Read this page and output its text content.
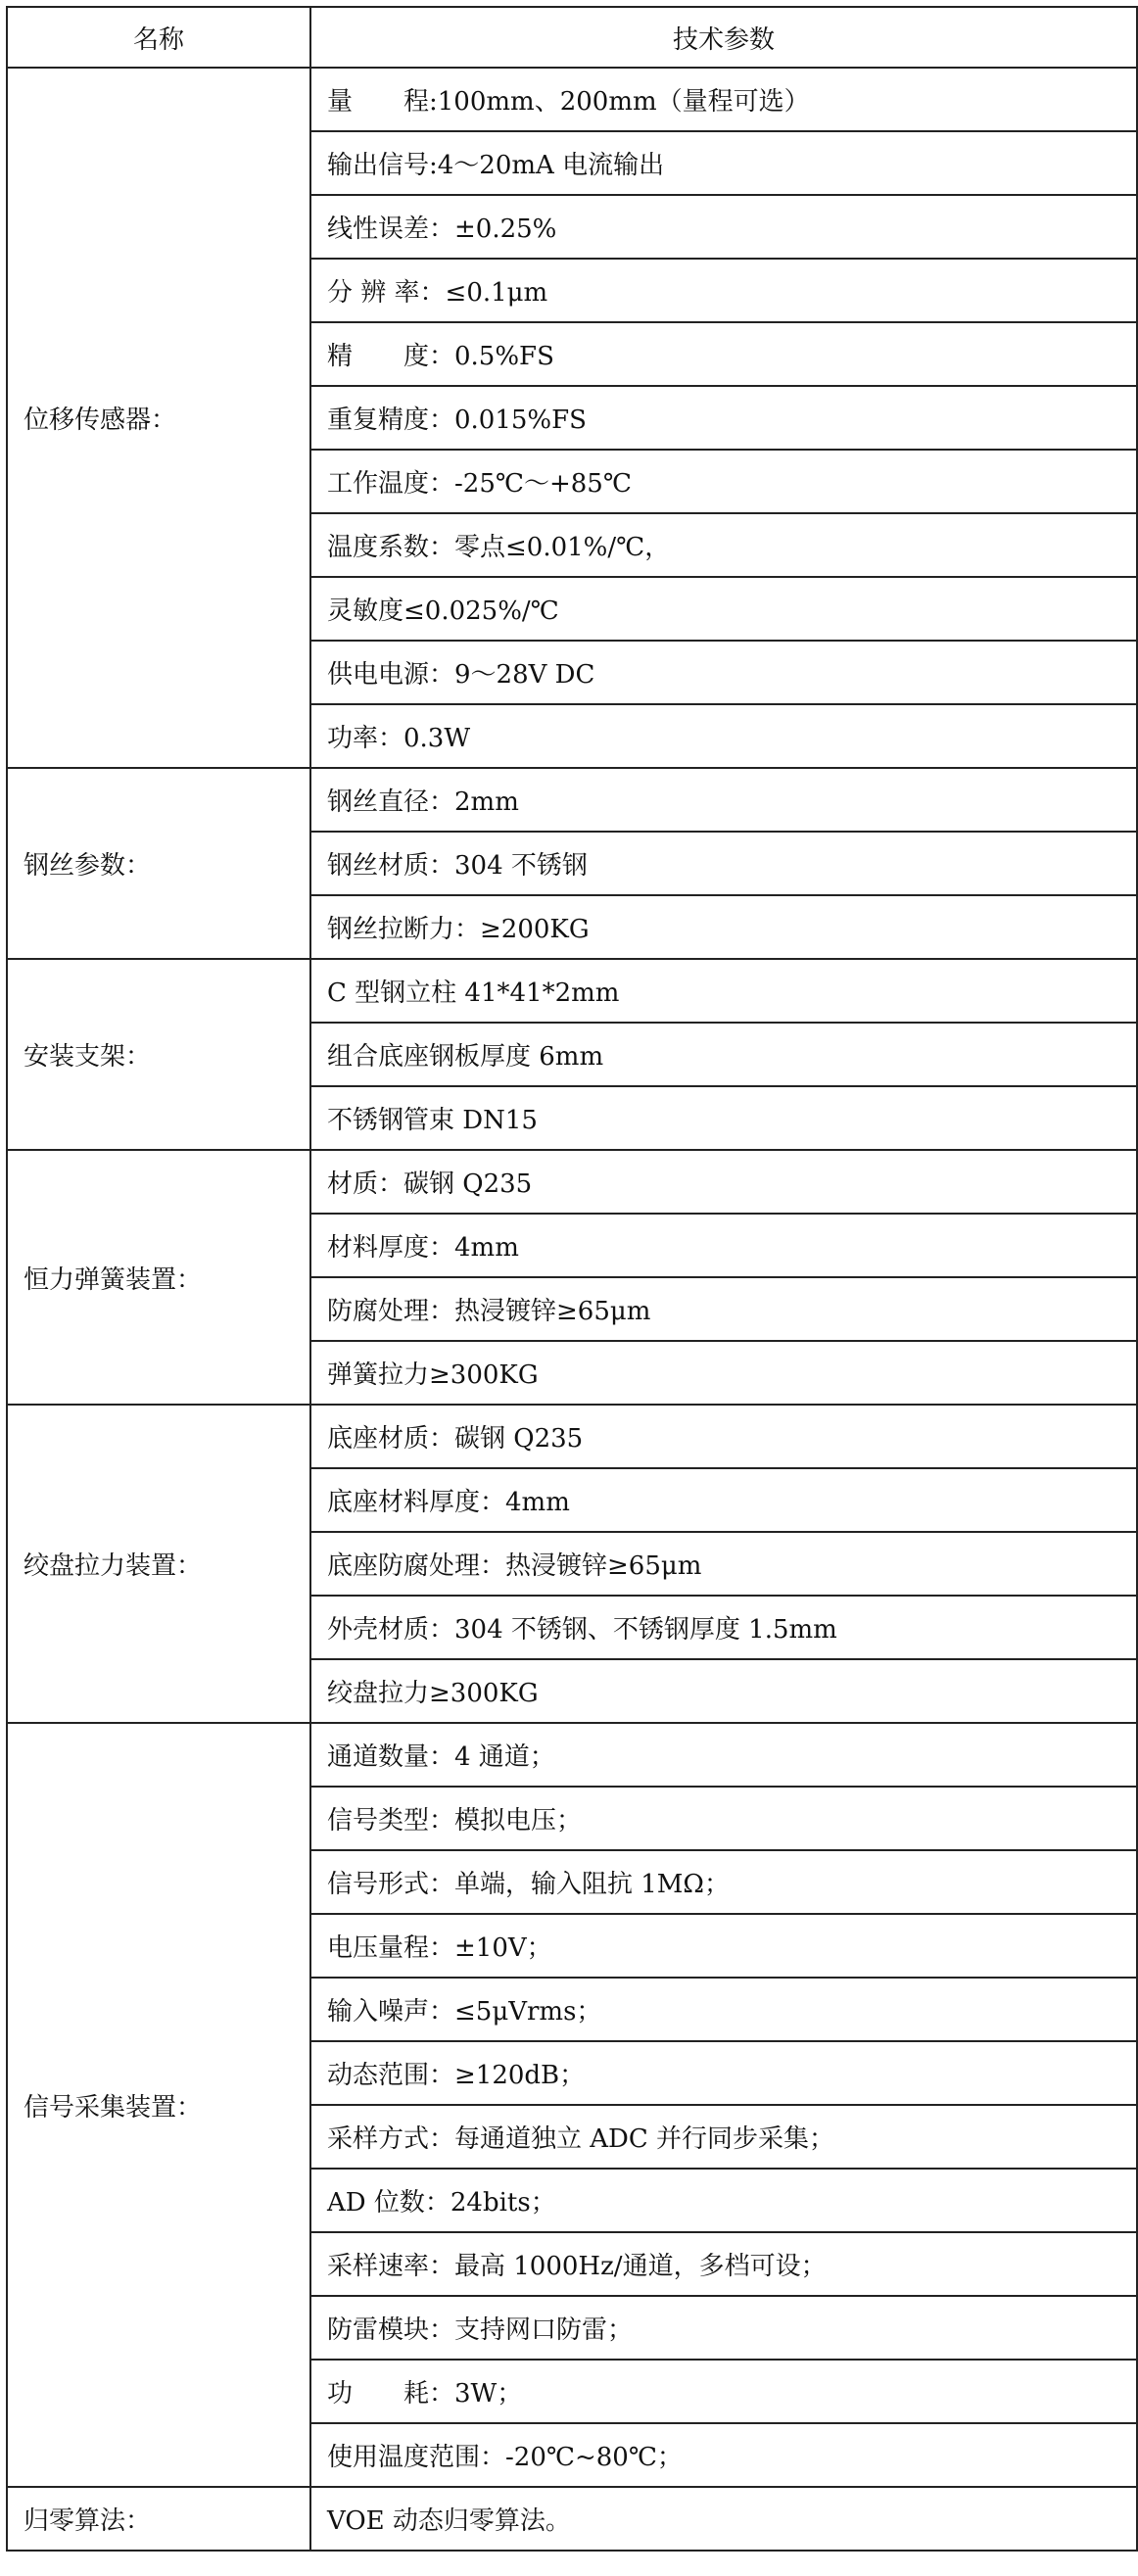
名称	技术参数
位移传感器：	量　　程:100mm、200mm（量程可选）
	输出信号:4～20mA 电流输出
	线性误差：±0.25%
	分 辨 率：≤0.1μm
	精　　度：0.5%FS
	重复精度：0.015%FS
	工作温度：-25℃～+85℃
	温度系数：零点≤0.01%/℃，
	灵敏度≤0.025%/℃
	供电电源：9～28V DC
	功率：0.3W
钢丝参数：	钢丝直径：2mm
	钢丝材质：304 不锈钢
	钢丝拉断力：≥200KG
安装支架：	C 型钢立柱 41*41*2mm
	组合底座钢板厚度 6mm
	不锈钢管束 DN15
恒力弹簧装置：	材质：碳钢 Q235
	材料厚度：4mm
	防腐处理：热浸镀锌≥65μm
	弹簧拉力≥300KG
绞盘拉力装置：	底座材质：碳钢 Q235
	底座材料厚度：4mm
	底座防腐处理：热浸镀锌≥65μm
	外壳材质：304 不锈钢、不锈钢厚度 1.5mm
	绞盘拉力≥300KG
信号采集装置：	通道数量：4 通道；
	信号类型：模拟电压；
	信号形式：单端，输入阻抗 1MΩ；
	电压量程：±10V；
	输入噪声：≤5μVrms；
	动态范围：≥120dB；
	采样方式：每通道独立 ADC 并行同步采集；
	AD 位数：24bits；
	采样速率：最高 1000Hz/通道，多档可设；
	防雷模块：支持网口防雷；
	功　　耗：3W；
	使用温度范围：-20℃~80℃；
归零算法：	VOE 动态归零算法。
